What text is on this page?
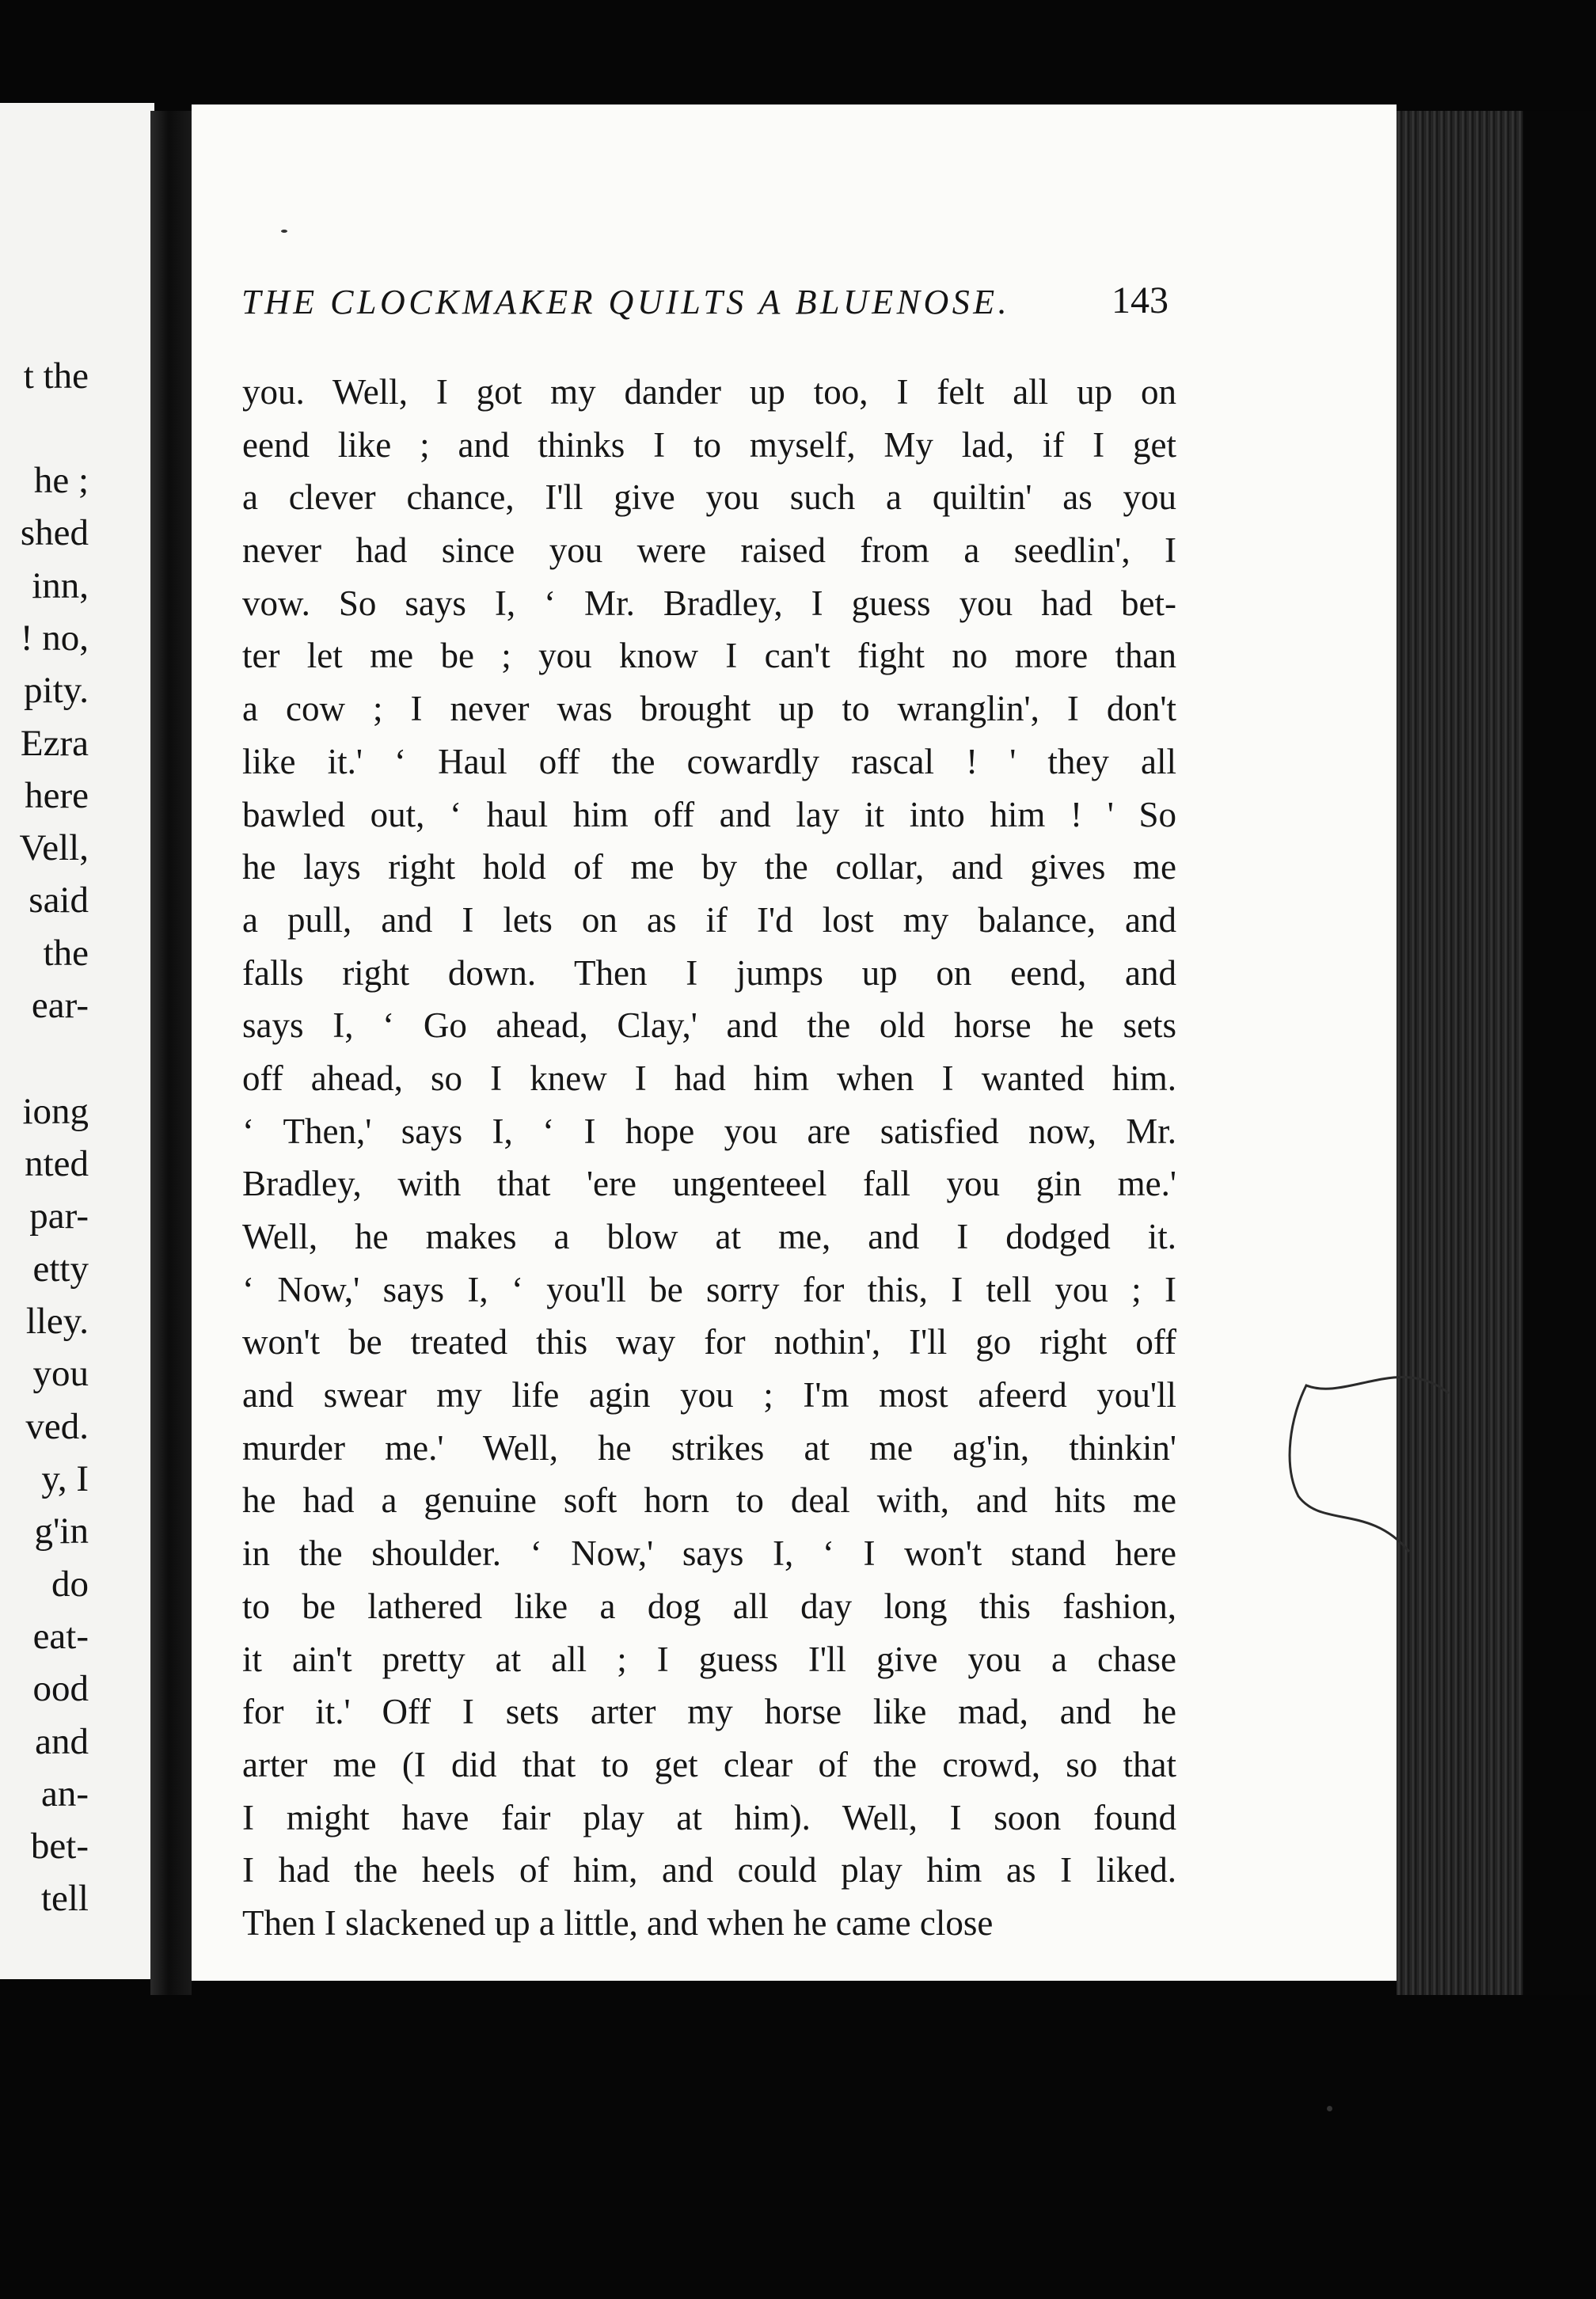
t the
he ;
shed
inn,
! no,
pity.
Ezra
here
Vell,
said
the
ear-
iong
nted
par-
etty
lley.
you
ved.
y, I
g'in
do
eat-
ood
and
an-
bet-
tell
THE CLOCKMAKER QUILTS A BLUENOSE.	143
you. Well, I got my dander up too, I felt all up on
eend like ; and thinks I to myself, My lad, if I get
a clever chance, I'll give you such a quiltin' as you
never had since you were raised from a seedlin', I
vow. So says I, ‘ Mr. Bradley, I guess you had bet-
ter let me be ; you know I can't fight no more than
a cow ; I never was brought up to wranglin', I don't
like it.' ‘ Haul off the cowardly rascal ! ' they all
bawled out, ‘ haul him off and lay it into him ! ' So
he lays right hold of me by the collar, and gives me
a pull, and I lets on as if I'd lost my balance, and
falls right down. Then I jumps up on eend, and
says I, ‘ Go ahead, Clay,' and the old horse he sets
off ahead, so I knew I had him when I wanted him.
‘ Then,' says I, ‘ I hope you are satisfied now, Mr.
Bradley, with that 'ere ungenteeel fall you gin me.'
Well, he makes a blow at me, and I dodged it.
‘ Now,' says I, ‘ you'll be sorry for this, I tell you ; I
won't be treated this way for nothin', I'll go right off
and swear my life agin you ; I'm most afeerd you'll
murder me.' Well, he strikes at me ag'in, thinkin'
he had a genuine soft horn to deal with, and hits me
in the shoulder. ‘ Now,' says I, ‘ I won't stand here
to be lathered like a dog all day long this fashion,
it ain't pretty at all ; I guess I'll give you a chase
for it.' Off I sets arter my horse like mad, and he
arter me (I did that to get clear of the crowd, so that
I might have fair play at him). Well, I soon found
I had the heels of him, and could play him as I liked.
Then I slackened up a little, and when he came close
